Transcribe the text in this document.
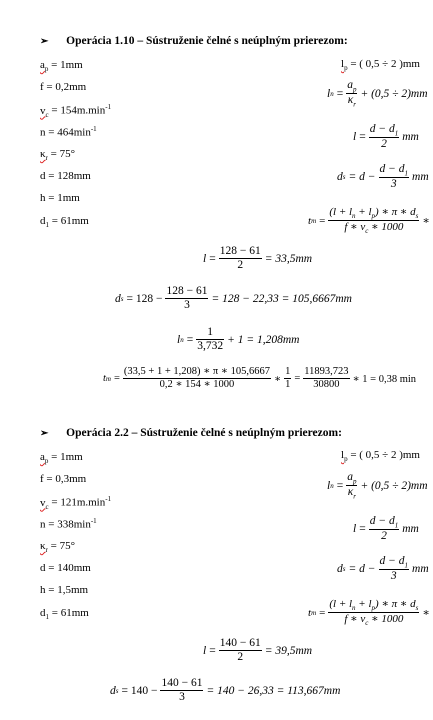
➢ Operácia 1.10 – Sústruženie čelné s neúplným prierezom:
$a_p = 1mm$
f = 0,2mm
$v_c = 154m.\min^{-1}$
$n = 464\min^{-1}$
$\kappa_r = 75^\circ$
d = 128mm
h = 1mm
$d_1 = 61mm$
$l_p$ = ( 0,5 ÷ 2 )mm
l $n = \frac{a_p}{\kappa_r} + (0,5 \div 2)mm$
$l = \frac{d - d_1}{2}$ mm
d $s = d - \frac{d - d_1}{3}$ mm
t $m = \frac{(l + l_n + l_p) ∗ \pi ∗ d_s}{f ∗ v_c ∗ 1000}$ ∗
$l = \frac{128 - 61}{2} = 33,5mm$
d $s = 128 - \frac{128 - 61}{3} = 128 - 22,33 = 105,6667mm$
l $n = \frac{1}{3,732} + 1 = 1,208mm$
t $m = \frac{(33,5 + 1 + 1,208) ∗ \pi ∗ 105,6667}{0,2 ∗ 154 ∗ 1000}$ ∗ $\frac{1}{1} = \frac{11893,723}{30800}$ ∗ 1 = 0,38 min
➢ Operácia 2.2 – Sústruženie čelné s neúplným prierezom:
$a_p = 1mm$
f = 0,3mm
$v_c = 121m.\min^{-1}$
$n = 338\min^{-1}$
$\kappa_r = 75^\circ$
d = 140mm
h = 1,5mm
$d_1 = 61mm$
$l_p$ = ( 0,5 ÷ 2 )mm
l $n = \frac{a_p}{\kappa_r} + (0,5 \div 2)mm$
$l = \frac{d - d_1}{2}$ mm
d $s = d - \frac{d - d_1}{3}$ mm
t $m = \frac{(l + l_n + l_p) ∗ \pi ∗ d_s}{f ∗ v_c ∗ 1000}$ ∗
$l = \frac{140 - 61}{2} = 39,5mm$
d $s = 140 - \frac{140 - 61}{3} = 140 - 26,33 = 113,667mm$
